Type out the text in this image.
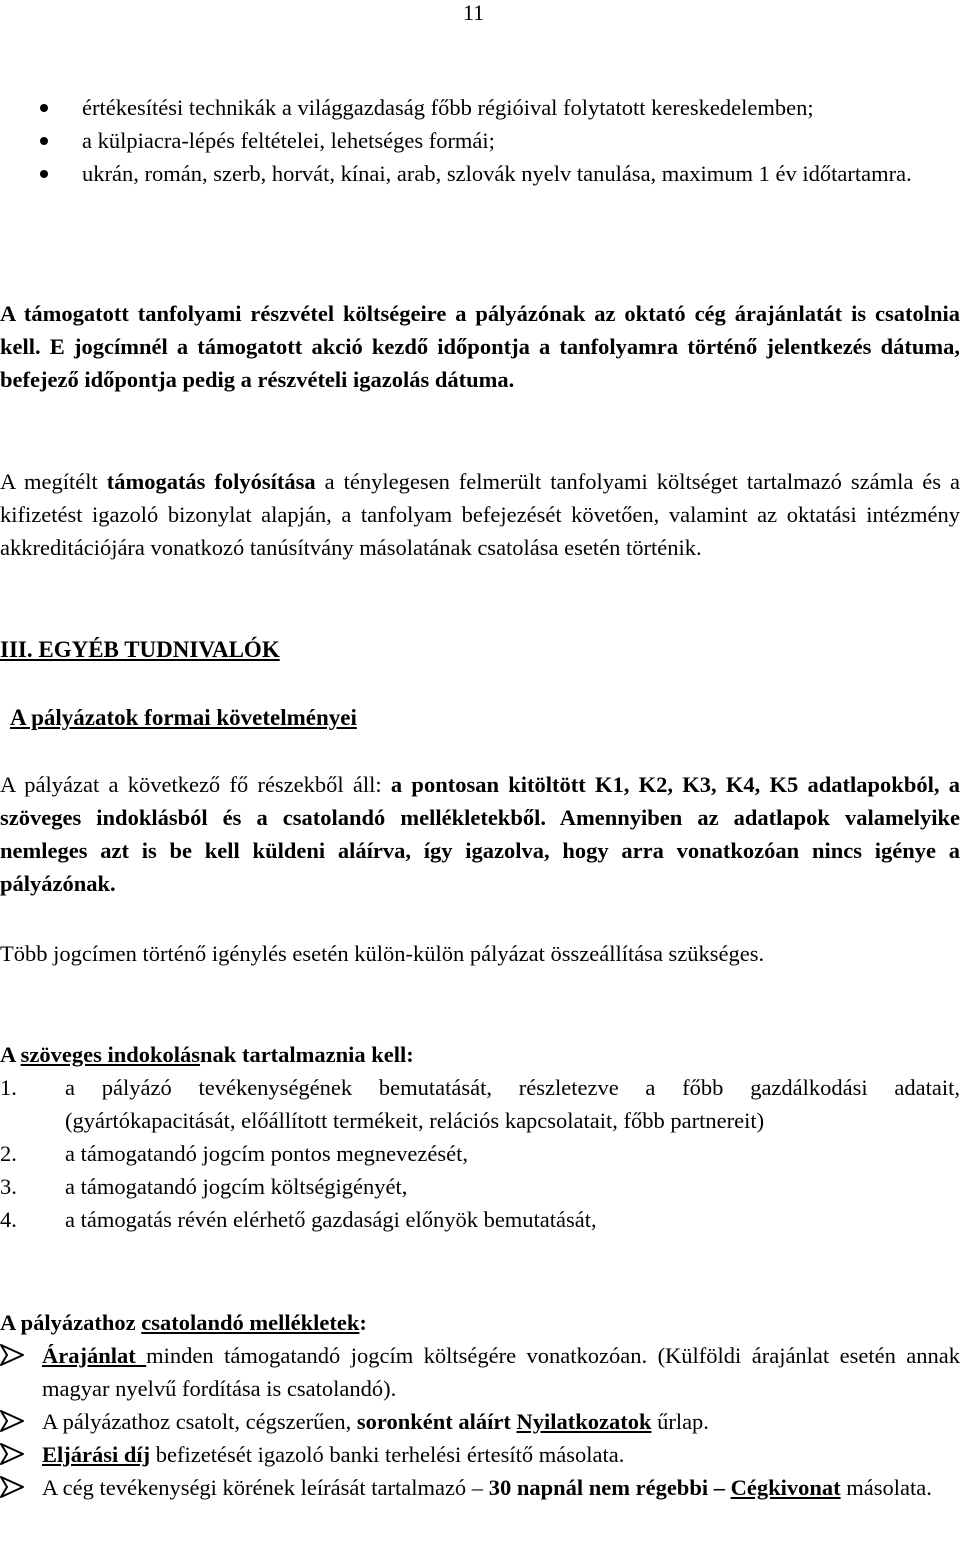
11
értékesítési technikák a világgazdaság főbb régióival folytatott kereskedelemben;
a külpiacra-lépés feltételei, lehetséges formái;
ukrán, román, szerb, horvát, kínai, arab, szlovák nyelv tanulása, maximum 1 év időtartamra.

A támogatott tanfolyami részvétel költségeire a pályázónak az oktató cég árajánlatát is csatolnia kell. E jogcímnél a támogatott akció kezdő időpontja a tanfolyamra történő jelentkezés dátuma, befejező időpontja pedig a részvételi igazolás dátuma.

A megítélt támogatás folyósítása a ténylegesen felmerült tanfolyami költséget tartalmazó számla és a kifizetést igazoló bizonylat alapján, a tanfolyam befejezését követően, valamint az oktatási intézmény akkreditációjára vonatkozó tanúsítvány másolatának csatolása esetén történik.

III. EGYÉB TUDNIVALÓK
A pályázatok formai követelményei

A pályázat a következő fő részekből áll: a pontosan kitöltött K1, K2, K3, K4, K5 adatlapokból, a szöveges indoklásból és a csatolandó mellékletekből. Amennyiben az adatlapok valamelyike nemleges azt is be kell küldeni aláírva, így igazolva, hogy arra vonatkozóan nincs igénye a pályázónak.

Több jogcímen történő igénylés esetén külön-külön pályázat összeállítása szükséges.

A szöveges indokolásnak tartalmaznia kell:

1. a pályázó tevékenységének bemutatását, részletezve a főbb gazdálkodási adatait, (gyártókapacitását, előállított termékeit, relációs kapcsolatait, főbb partnereit)
2. a támogatandó jogcím pontos megnevezését,
3. a támogatandó jogcím költségigényét,
4. a támogatás révén elérhető gazdasági előnyök bemutatását,

A pályázathoz csatolandó mellékletek:

Árajánlat minden támogatandó jogcím költségére vonatkozóan. (Külföldi árajánlat esetén annak magyar nyelvű fordítása is csatolandó).
A pályázathoz csatolt, cégszerűen, soronként aláírt Nyilatkozatok űrlap.
Eljárási díj befizetését igazoló banki terhelési értesítő másolata.
A cég tevékenységi körének leírását tartalmazó – 30 napnál nem régebbi – Cégkivonat másolata.
